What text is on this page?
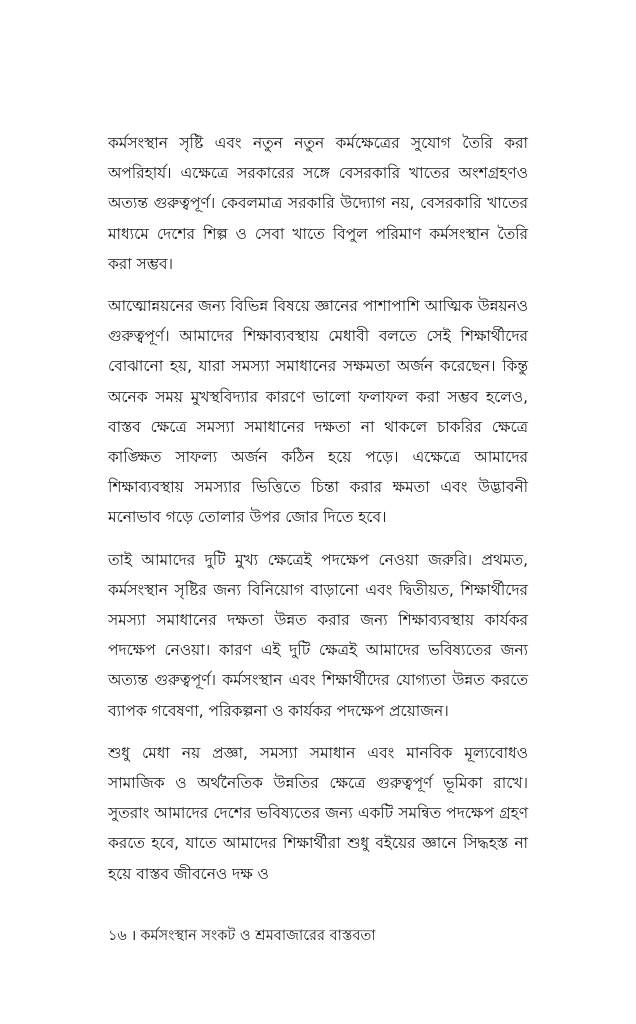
কর্মসংস্থান সৃষ্টি এবং নতুন নতুন কর্মক্ষেত্রের সুযোগ তৈরি করা অপরিহার্য। এক্ষেত্রে সরকারের সঙ্গে বেসরকারি খাতের অংশগ্রহণও অত্যন্ত গুরুত্বপূর্ণ। কেবলমাত্র সরকারি উদ্যোগ নয়, বেসরকারি খাতের মাধ্যমে দেশের শিল্প ও সেবা খাতে বিপুল পরিমাণ কর্মসংস্থান তৈরি করা সম্ভব।

আত্মোন্নয়নের জন্য বিভিন্ন বিষয়ে জ্ঞানের পাশাপাশি আত্মিক উন্নয়নও গুরুত্বপূর্ণ। আমাদের শিক্ষাব্যবস্থায় মেধাবী বলতে সেই শিক্ষার্থীদের বোঝানো হয়, যারা সমস্যা সমাধানের সক্ষমতা অর্জন করেছেন। কিন্তু অনেক সময় মুখস্থবিদ্যার কারণে ভালো ফলাফল করা সম্ভব হলেও, বাস্তব ক্ষেত্রে সমস্যা সমাধানের দক্ষতা না থাকলে চাকরির ক্ষেত্রে কাঙ্ক্ষিত সাফল্য অর্জন কঠিন হয়ে পড়ে। এক্ষেত্রে আমাদের শিক্ষাব্যবস্থায় সমস্যার ভিত্তিতে চিন্তা করার ক্ষমতা এবং উদ্ভাবনী মনোভাব গড়ে তোলার উপর জোর দিতে হবে।

তাই আমাদের দুটি মুখ্য ক্ষেত্রেই পদক্ষেপ নেওয়া জরুরি। প্রথমত, কর্মসংস্থান সৃষ্টির জন্য বিনিয়োগ বাড়ানো এবং দ্বিতীয়ত, শিক্ষার্থীদের সমস্যা সমাধানের দক্ষতা উন্নত করার জন্য শিক্ষাব্যবস্থায় কার্যকর পদক্ষেপ নেওয়া। কারণ এই দুটি ক্ষেত্রই আমাদের ভবিষ্যতের জন্য অত্যন্ত গুরুত্বপূর্ণ। কর্মসংস্থান এবং শিক্ষার্থীদের যোগ্যতা উন্নত করতে ব্যাপক গবেষণা, পরিকল্পনা ও কার্যকর পদক্ষেপ প্রয়োজন।

শুধু মেধা নয় প্রজ্ঞা, সমস্যা সমাধান এবং মানবিক মূল্যবোধও সামাজিক ও অর্থনৈতিক উন্নতির ক্ষেত্রে গুরুত্বপূর্ণ ভূমিকা রাখে। সুতরাং আমাদের দেশের ভবিষ্যতের জন্য একটি সমন্বিত পদক্ষেপ গ্রহণ করতে হবে, যাতে আমাদের শিক্ষার্থীরা শুধু বইয়ের জ্ঞানে সিদ্ধহস্ত না হয়ে বাস্তব জীবনেও দক্ষ ও

১৬ । কর্মসংস্থান সংকট ও শ্রমবাজারের বাস্তবতা
